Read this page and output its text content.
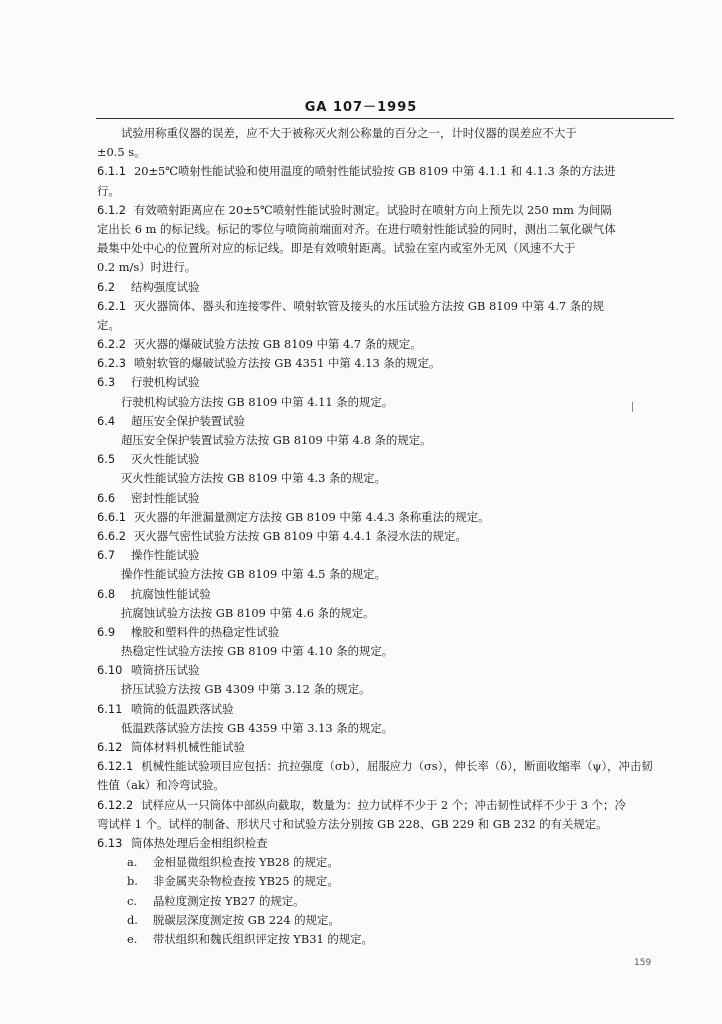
GA 107－1995
试验用称重仪器的误差，应不大于被称灭火剂公称量的百分之一，计时仪器的误差应不大于
±0.5 s。
6.1.1 20±5℃喷射性能试验和使用温度的喷射性能试验按 GB 8109 中第 4.1.1 和 4.1.3 条的方法进
行。
6.1.2 有效喷射距离应在 20±5℃喷射性能试验时测定。试验时在喷射方向上预先以 250 mm 为间隔
定出长 6 m 的标记线。标记的零位与喷筒前端面对齐。在进行喷射性能试验的同时，测出二氧化碳气体
最集中处中心的位置所对应的标记线。即是有效喷射距离。试验在室内或室外无风（风速不大于
0.2 m/s）时进行。
6.2 结构强度试验
6.2.1 灭火器筒体、器头和连接零件、喷射软管及接头的水压试验方法按 GB 8109 中第 4.7 条的规
定。
6.2.2 灭火器的爆破试验方法按 GB 8109 中第 4.7 条的规定。
6.2.3 喷射软管的爆破试验方法按 GB 4351 中第 4.13 条的规定。
6.3 行驶机构试验
行驶机构试验方法按 GB 8109 中第 4.11 条的规定。
6.4 超压安全保护装置试验
超压安全保护装置试验方法按 GB 8109 中第 4.8 条的规定。
6.5 灭火性能试验
灭火性能试验方法按 GB 8109 中第 4.3 条的规定。
6.6 密封性能试验
6.6.1 灭火器的年泄漏量测定方法按 GB 8109 中第 4.4.3 条称重法的规定。
6.6.2 灭火器气密性试验方法按 GB 8109 中第 4.4.1 条浸水法的规定。
6.7 操作性能试验
操作性能试验方法按 GB 8109 中第 4.5 条的规定。
6.8 抗腐蚀性能试验
抗腐蚀试验方法按 GB 8109 中第 4.6 条的规定。
6.9 橡胶和塑料件的热稳定性试验
热稳定性试验方法按 GB 8109 中第 4.10 条的规定。
6.10 喷筒挤压试验
挤压试验方法按 GB 4309 中第 3.12 条的规定。
6.11 喷筒的低温跌落试验
低温跌落试验方法按 GB 4359 中第 3.13 条的规定。
6.12 筒体材料机械性能试验
6.12.1 机械性能试验项目应包括：抗拉强度（σb），屈服应力（σs），伸长率（δ），断面收缩率（ψ），冲击韧
性值（ak）和冷弯试验。
6.12.2 试样应从一只筒体中部纵向截取，数量为：拉力试样不少于 2 个；冲击韧性试样不少于 3 个；冷
弯试样 1 个。试样的制备、形状尺寸和试验方法分别按 GB 228、GB 229 和 GB 232 的有关规定。
6.13 筒体热处理后金相组织检查
a. 金相显微组织检查按 YB28 的规定。
b. 非金属夹杂物检查按 YB25 的规定。
c. 晶粒度测定按 YB27 的规定。
d. 脱碳层深度测定按 GB 224 的规定。
e. 带状组织和魏氏组织评定按 YB31 的规定。
159
